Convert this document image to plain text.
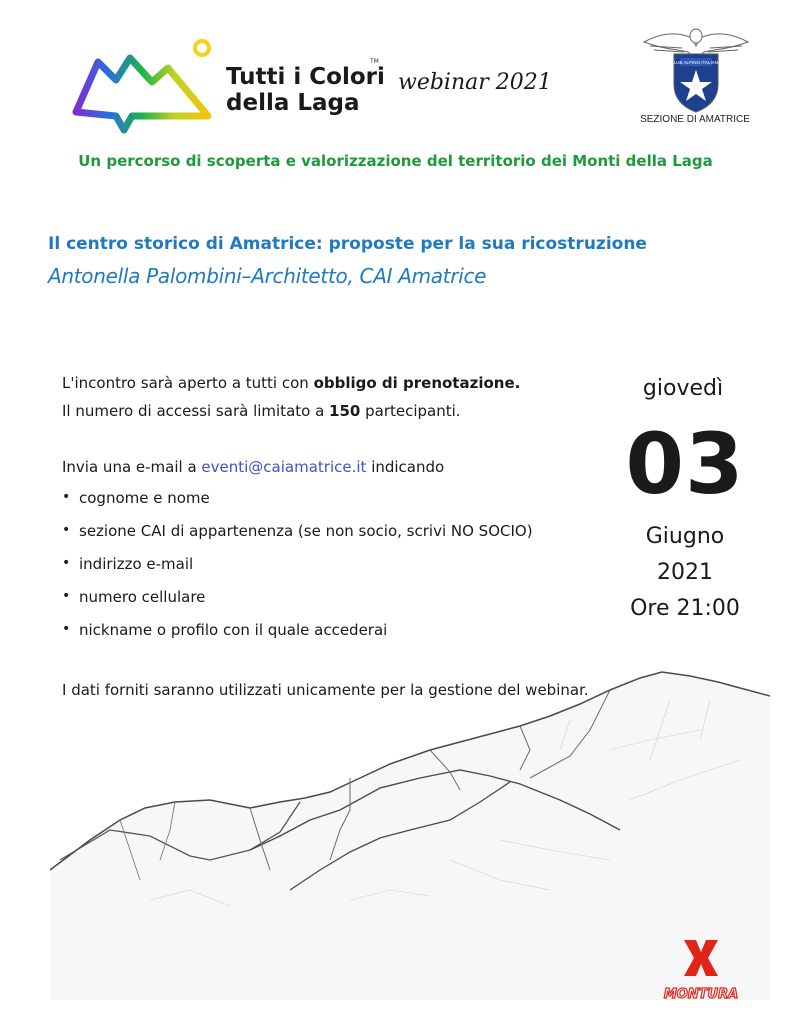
Tutti i Colori
della Laga
TM
webinar 2021
CLUB ALPINO ITALIANO
SEZIONE DI AMATRICE
Un percorso di scoperta e valorizzazione del territorio dei Monti della Laga
Il centro storico di Amatrice: proposte per la sua ricostruzione
Antonella Palombini–Architetto, CAI Amatrice
L'incontro sarà aperto a tutti con obbligo di prenotazione.
Il numero di accessi sarà limitato a 150 partecipanti.
Invia una e-mail a eventi@caiamatrice.it indicando
• cognome e nome
• sezione CAI di appartenenza (se non socio, scrivi NO SOCIO)
• indirizzo e-mail
• numero cellulare
• nickname o profilo con il quale accederai
I dati forniti saranno utilizzati unicamente per la gestione del webinar.
giovedì
03
Giugno
2021
Ore 21:00
MONTURA
